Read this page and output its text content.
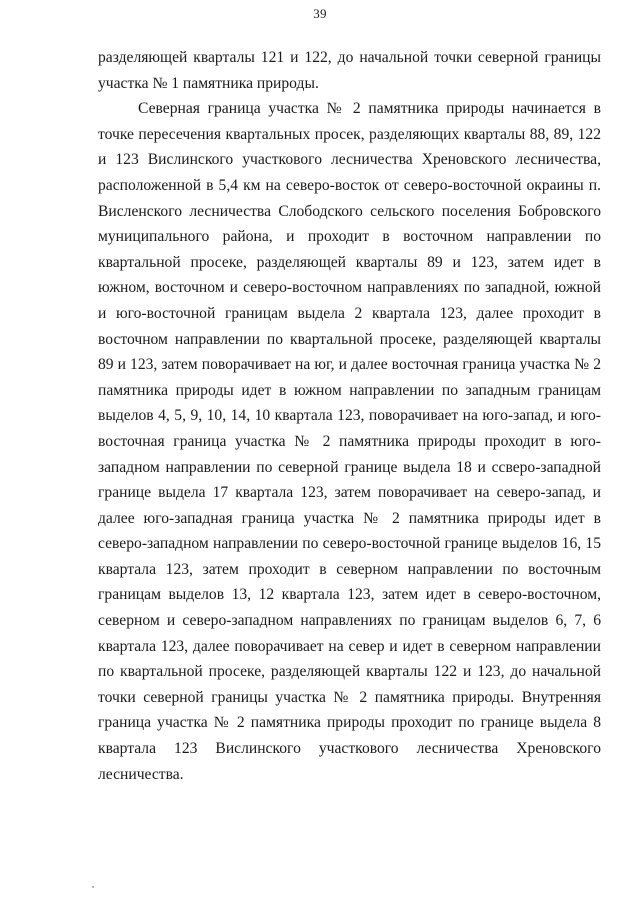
39

разделяющей кварталы 121 и 122, до начальной точки северной границы участка № 1 памятника природы.

Северная граница участка № 2 памятника природы начинается в точке пересечения квартальных просек, разделяющих кварталы 88, 89, 122 и 123 Вислинского участкового лесничества Хреновского лесничества, расположенной в 5,4 км на северо-восток от северо-восточной окраины п. Висленского лесничества Слободского сельского поселения Бобровского муниципального района, и проходит в восточном направлении по квартальной просеке, разделяющей кварталы 89 и 123, затем идет в южном, восточном и северо-восточном направлениях по западной, южной и юго-восточной границам выдела 2 квартала 123, далее проходит в восточном направлении по квартальной просеке, разделяющей кварталы 89 и 123, затем поворачивает на юг, и далее восточная граница участка № 2 памятника природы идет в южном направлении по западным границам выделов 4, 5, 9, 10, 14, 10 квартала 123, поворачивает на юго-запад, и юго-восточная граница участка № 2 памятника природы проходит в юго-западном направлении по северной границе выдела 18 и ссверо-западной границе выдела 17 квартала 123, затем поворачивает на северо-запад, и далее юго-западная граница участка № 2 памятника природы идет в северо-западном направлении по северо-восточной границе выделов 16, 15 квартала 123, затем проходит в северном направлении по восточным границам выделов 13, 12 квартала 123, затем идет в северо-восточном, северном и северо-западном направлениях по границам выделов 6, 7, 6 квартала 123, далее поворачивает на север и идет в северном направлении по квартальной просеке, разделяющей кварталы 122 и 123, до начальной точки северной границы участка № 2 памятника природы. Внутренняя граница участка № 2 памятника природы проходит по границе выдела 8 квартала 123 Вислинского участкового лесничества Хреновского лесничества.
